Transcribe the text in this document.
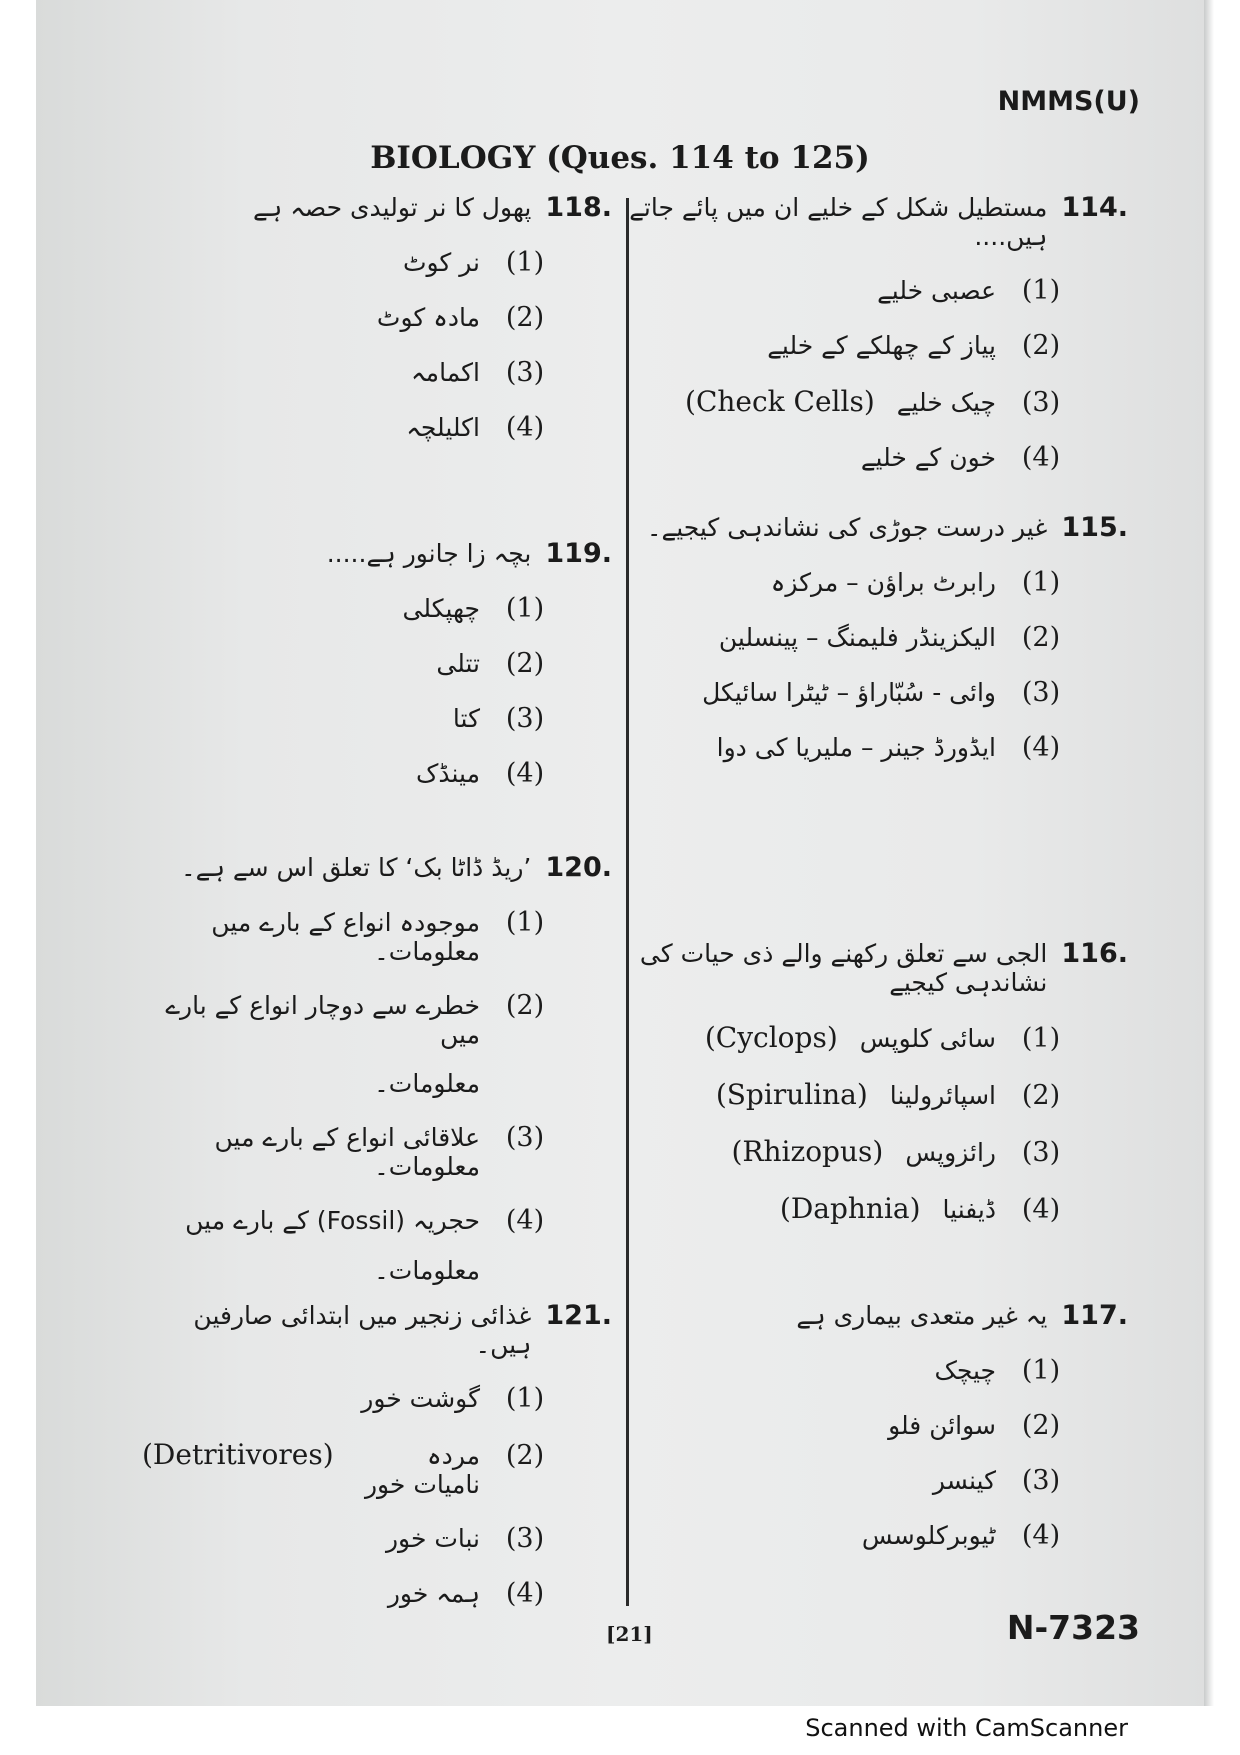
NMMS(U)
BIOLOGY (Ques. 114 to 125)
114.
مستطیل شکل کے خلیے ان میں پائے جاتے ہیں....
(1)
عصبی خلیے
(2)
پیاز کے چھلکے کے خلیے
(3)
چیک خلیے
(Check Cells)
(4)
خون کے خلیے
115.
غیر درست جوڑی کی نشاندہی کیجیے۔
(1)
رابرٹ براؤن – مرکزہ
(2)
الیکزینڈر فلیمنگ – پینسلین
(3)
وائی - سُبّاراؤ – ٹیٹرا سائیکل
(4)
ایڈورڈ جینر – ملیریا کی دوا
116.
الجی سے تعلق رکھنے والے ذی حیات کی نشاندہی کیجیے
(1)
سائی کلوپس
(Cyclops)
(2)
اسپائرولینا
(Spirulina)
(3)
رائزوپس
(Rhizopus)
(4)
ڈیفنیا
(Daphnia)
117.
یہ غیر متعدی بیماری ہے
(1)
چیچک
(2)
سوائن فلو
(3)
کینسر
(4)
ٹیوبرکلوسس
118.
پھول کا نر تولیدی حصہ ہے
(1)
نر کوٹ
(2)
مادہ کوٹ
(3)
اکمامہ
(4)
اکلیلچہ
119.
بچہ زا جانور ہے.....
(1)
چھپکلی
(2)
تتلی
(3)
کتا
(4)
مینڈک
120.
’ریڈ ڈاٹا بک‘ کا تعلق اس سے ہے۔
(1)
موجودہ انواع کے بارے میں معلومات۔
(2)
خطرے سے دوچار انواع کے بارے میں
معلومات۔
(3)
علاقائی انواع کے بارے میں معلومات۔
(4)
حجریہ (Fossil) کے بارے میں
معلومات۔
121.
غذائی زنجیر میں ابتدائی صارفین ہیں۔
(1)
گوشت خور
(2)
مردہ نامیات خور
(Detritivores)
(3)
نبات خور
(4)
ہمہ خور
[21]	N-7323
Scanned with CamScanner
